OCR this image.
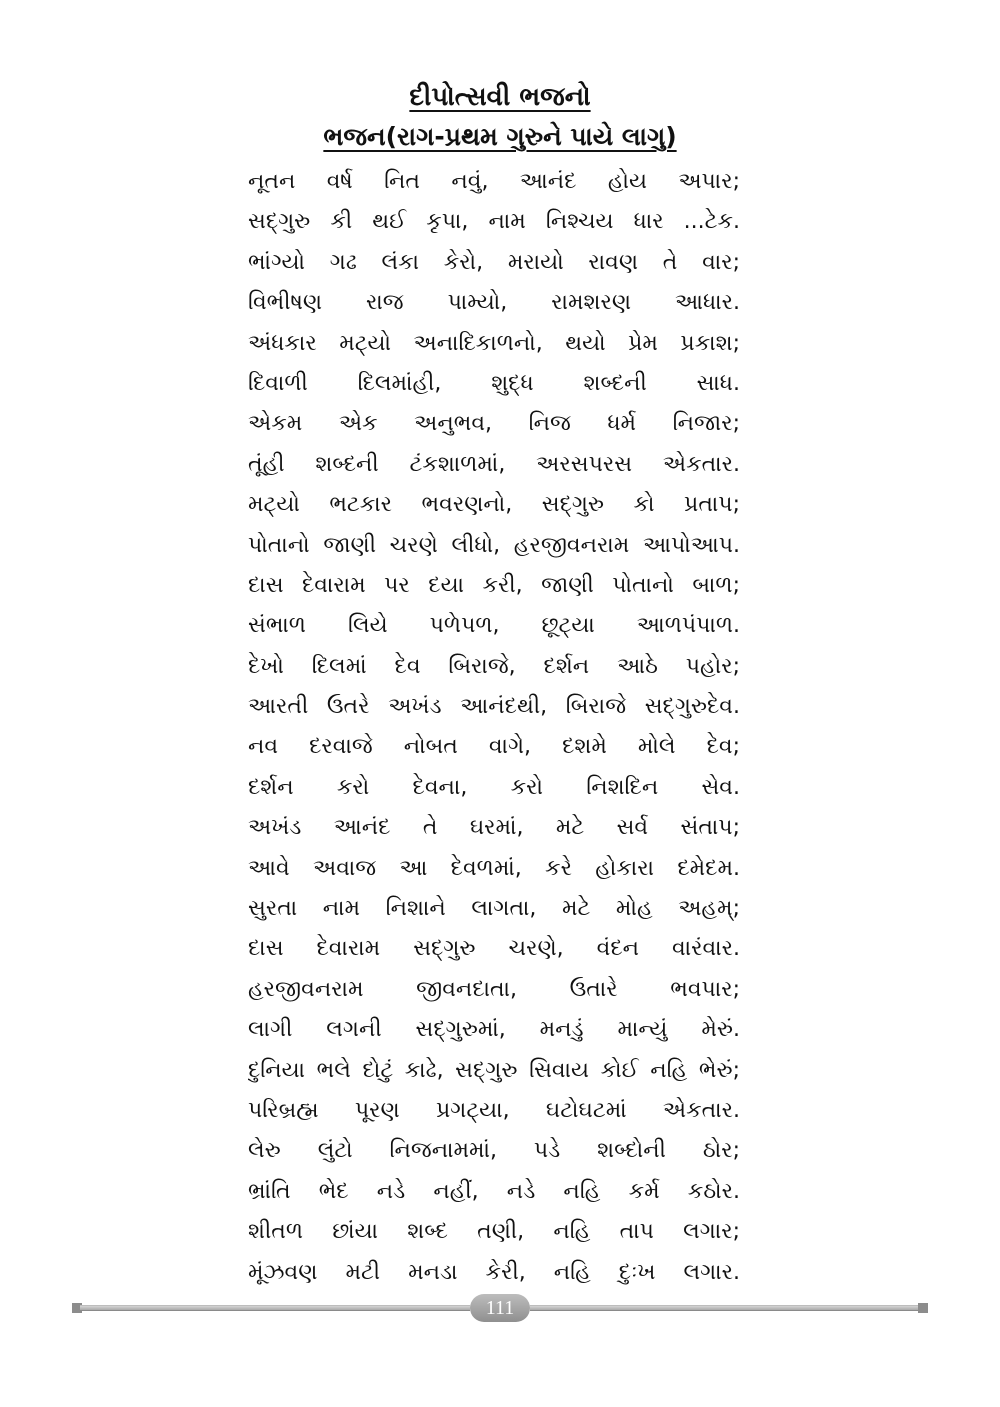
દીપોત્સવી ભજનો
ભજન(રાગ-પ્રથમ ગુરુને પાયે લાગુ)
નૂતન વર્ષ નિત નવું, આનંદ હોય અપાર;
સદ્ગુરુ કી થઈ કૃપા, નામ નિશ્ચય ધાર ...ટેક.
ભાંગ્યો ગઢ લંકા કેરો, મરાયો રાવણ તે વાર;
વિભીષણ રાજ પામ્યો, રામશરણ આધાર.
અંધકાર મટ્યો અનાદિકાળનો, થયો પ્રેમ પ્રકાશ;
દિવાળી દિલમાંહી, શુદ્ધ શબ્દની સાધ.
એકમ એક અનુભવ, નિજ ધર્મ નિજાર;
તૂંહી શબ્દની ટંકશાળમાં, અરસપરસ એકતાર.
મટ્યો ભટકાર ભવરણનો, સદ્ગુરુ કો પ્રતાપ;
પોતાનો જાણી ચરણે લીધો, હરજીવનરામ આપોઆપ.
દાસ દેવારામ પર દયા કરી, જાણી પોતાનો બાળ;
સંભાળ લિયે પળેપળ, છૂટ્યા આળપંપાળ.
દેખો દિલમાં દેવ બિરાજે, દર્શન આઠે પહોર;
આરતી ઉતરે અખંડ આનંદથી, બિરાજે સદ્ગુરુદેવ.
નવ દરવાજે નોબત વાગે, દશમે મોલે દેવ;
દર્શન કરો દેવના, કરો નિશદિન સેવ.
અખંડ આનંદ તે ઘરમાં, મટે સર્વ સંતાપ;
આવે અવાજ આ દેવળમાં, કરે હોકારા દમેદમ.
સુરતા નામ નિશાને લાગતા, મટે મોહ અહમ્;
દાસ દેવારામ સદ્ગુરુ ચરણે, વંદન વારંવાર.
હરજીવનરામ જીવનદાતા, ઉતારે ભવપાર;
લાગી લગની સદ્ગુરુમાં, મનડું માન્યું મેરું.
દુનિયા ભલે દોટું કાઢે, સદ્ગુરુ સિવાય કોઈ નહિ ભેરું;
પરિબ્રહ્મ પૂરણ પ્રગટ્યા, ઘટોઘટમાં એકતાર.
લેરુ લુંટો નિજનામમાં, પડે શબ્દોની ઠોર;
ભ્રાંતિ ભેદ નડે નહીં, નડે નહિ કર્મ કઠોર.
શીતળ છાંયા શબ્દ તણી, નહિ તાપ લગાર;
મૂંઝવણ મટી મનડા કેરી, નહિ દુઃખ લગાર.
111
